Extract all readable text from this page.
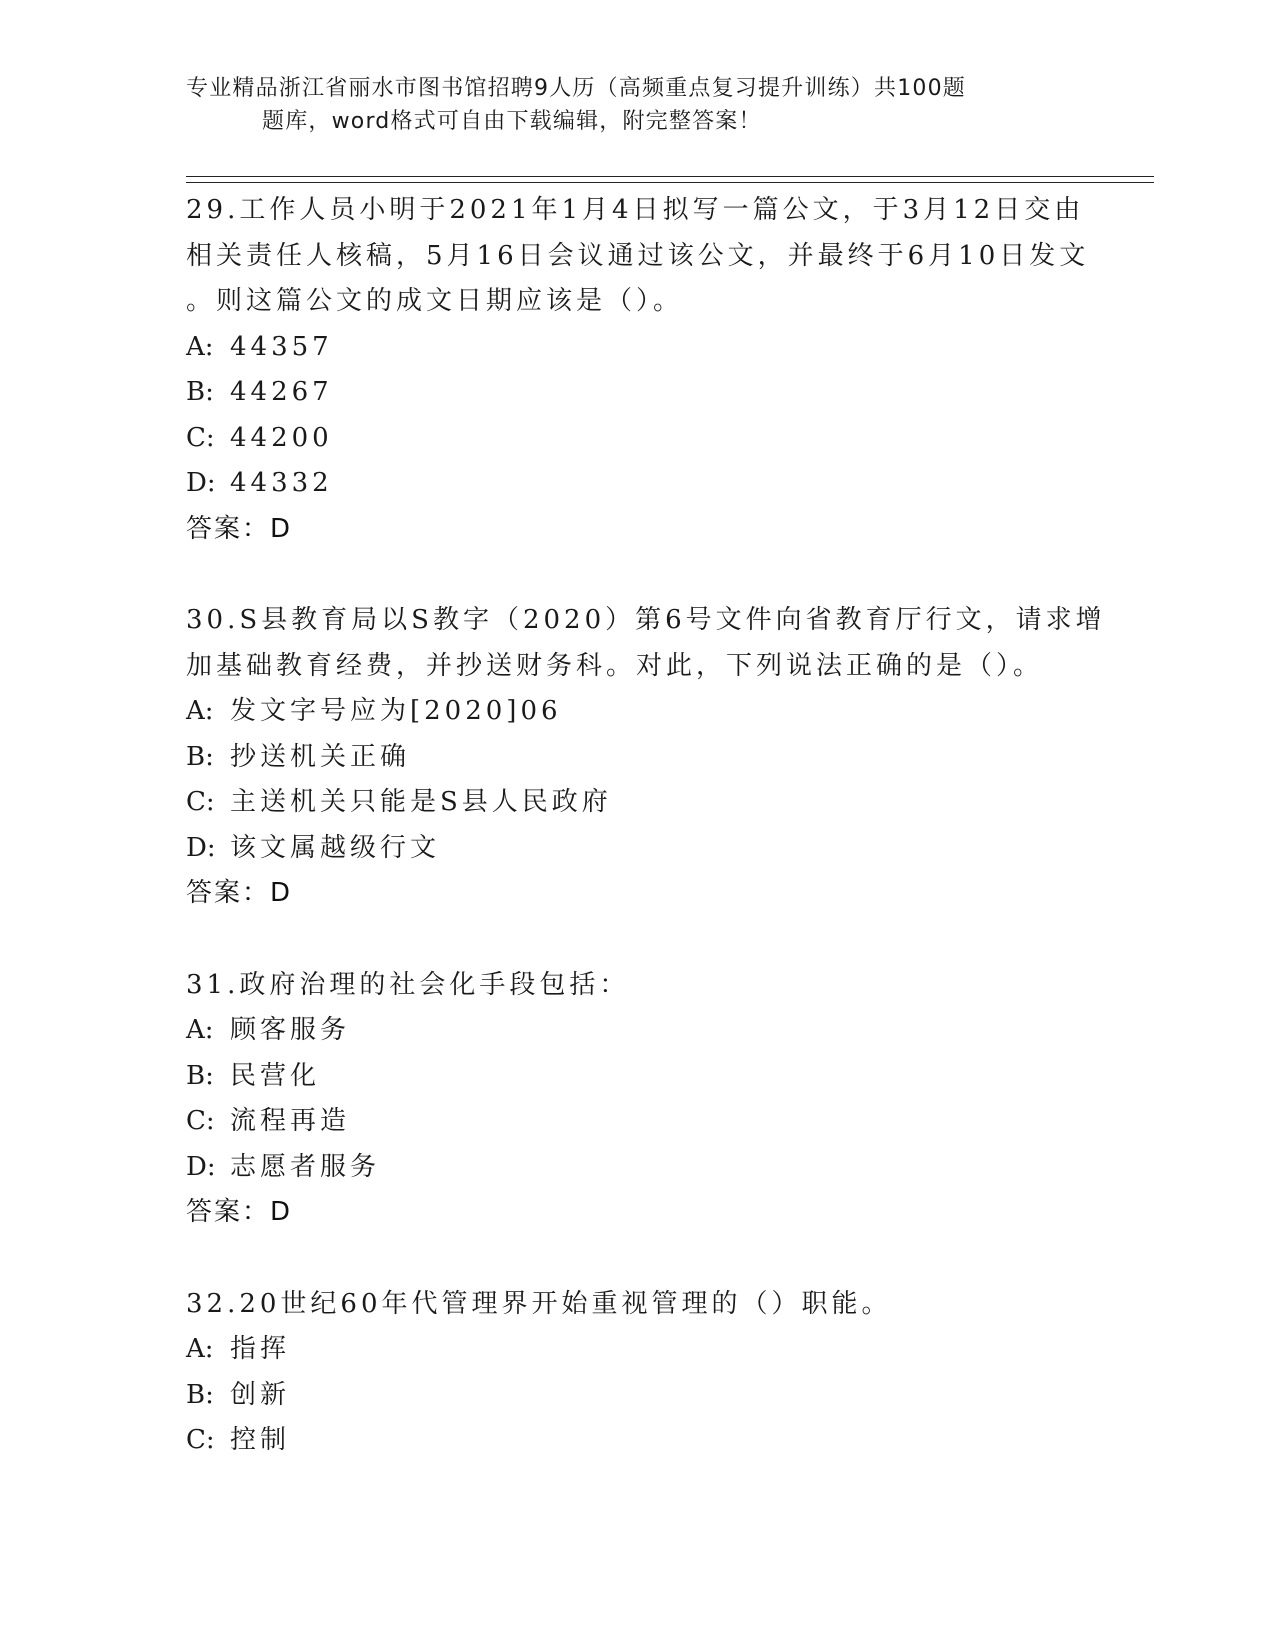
专业精品浙江省丽水市图书馆招聘9人历（高频重点复习提升训练）共100题
题库，word格式可自由下载编辑，附完整答案！

29.工作人员小明于2021年1月4日拟写一篇公文，于3月12日交由

相关责任人核稿，5月16日会议通过该公文，并最终于6月10日发文

。则这篇公文的成文日期应该是（）。

A: 44357

B: 44267

C: 44200

D: 44332

答案：D

30.S县教育局以S教字（2020）第6号文件向省教育厅行文，请求增

加基础教育经费，并抄送财务科。对此，下列说法正确的是（）。

A: 发文字号应为[2020]06

B: 抄送机关正确

C: 主送机关只能是S县人民政府

D: 该文属越级行文

答案：D

31.政府治理的社会化手段包括：

A: 顾客服务

B: 民营化

C: 流程再造

D: 志愿者服务

答案：D

32.20世纪60年代管理界开始重视管理的（）职能。

A: 指挥

B: 创新

C: 控制
